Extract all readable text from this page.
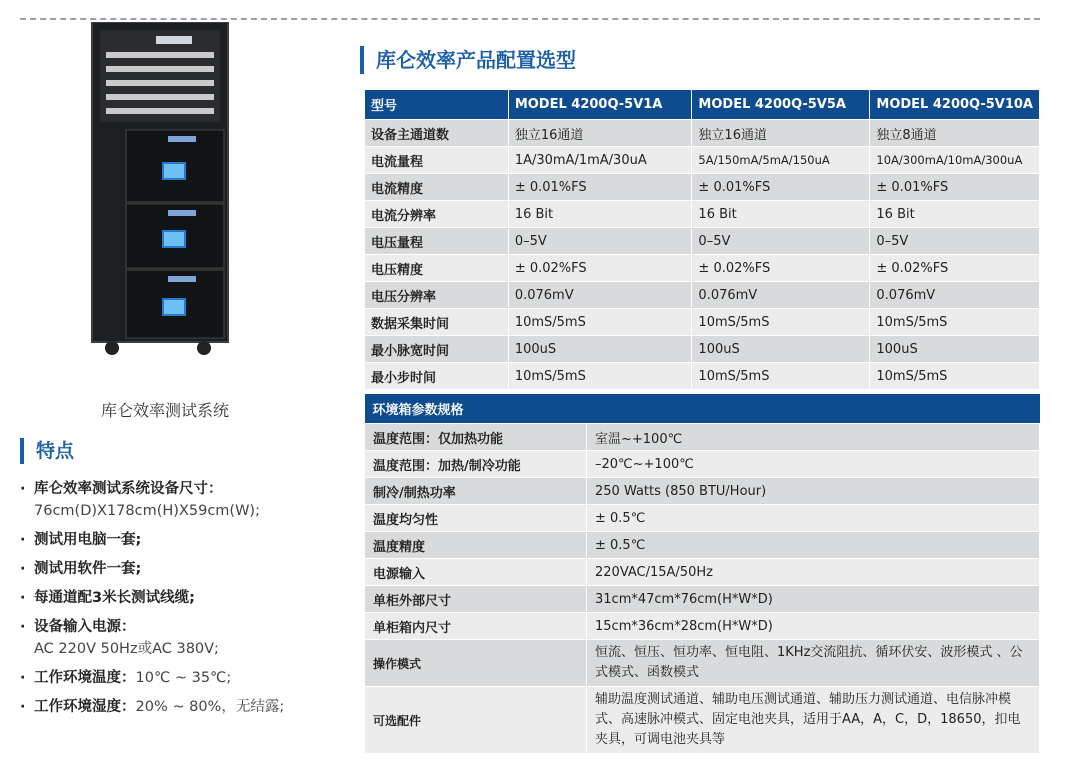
库仑效率测试系统
特点
· 库仑效率测试系统设备尺寸：
76cm(D)X178cm(H)X59cm(W);
· 测试用电脑一套;
· 测试用软件一套;
· 每通道配3米长测试线缆;
· 设备输入电源：
AC 220V 50Hz或AC 380V;
· 工作环境温度：10℃ ~ 35℃;
· 工作环境湿度：20% ~ 80%，无结露;
库仑效率产品配置选型
型号	MODEL 4200Q-5V1A	MODEL 4200Q-5V5A	MODEL 4200Q-5V10A
设备主通道数	独立16通道	独立16通道	独立8通道
电流量程	1A/30mA/1mA/30uA	5A/150mA/5mA/150uA	10A/300mA/10mA/300uA
电流精度	± 0.01%FS	± 0.01%FS	± 0.01%FS
电流分辨率	16 Bit	16 Bit	16 Bit
电压量程	0–5V	0–5V	0–5V
电压精度	± 0.02%FS	± 0.02%FS	± 0.02%FS
电压分辨率	0.076mV	0.076mV	0.076mV
数据采集时间	10mS/5mS	10mS/5mS	10mS/5mS
最小脉宽时间	100uS	100uS	100uS
最小步时间	10mS/5mS	10mS/5mS	10mS/5mS
环境箱参数规格	
温度范围：仅加热功能	室温~+100℃
温度范围：加热/制冷功能	–20℃~+100℃
制冷/制热功率	250 Watts (850 BTU/Hour)
温度均匀性	± 0.5℃
温度精度	± 0.5℃
电源输入	220VAC/15A/50Hz
单柜外部尺寸	31cm*47cm*76cm(H*W*D)
单柜箱内尺寸	15cm*36cm*28cm(H*W*D)
操作模式	恒流、恒压、恒功率、恒电阻、1KHz交流阻抗、循环伏安、波形模式 、公式模式、函数模式
可选配件	辅助温度测试通道、辅助电压测试通道、辅助压力测试通道、电信脉冲模式、高速脉冲模式、固定电池夹具，适用于AA，A，C，D，18650，扣电夹具，可调电池夹具等
